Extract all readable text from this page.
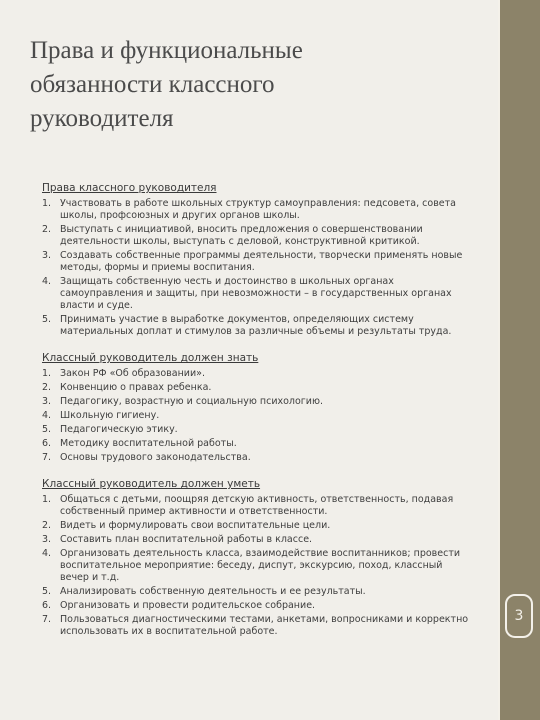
Права и функциональные
обязанности классного
руководителя
Права классного руководителя
1. Участвовать в работе школьных структур самоуправления: педсовета, совета школы, профсоюзных и других органов школы.
2. Выступать с инициативой, вносить предложения о совершенствовании деятельности школы, выступать с деловой, конструктивной критикой.
3. Создавать собственные программы деятельности, творчески применять новые методы, формы и приемы воспитания.
4. Защищать собственную честь и достоинство в школьных органах самоуправления и защиты, при невозможности – в государственных органах власти и суде.
5. Принимать участие в выработке документов, определяющих систему материальных доплат и стимулов за различные объемы и результаты труда.
Классный руководитель должен знать
1. Закон РФ «Об образовании».
2. Конвенцию о правах ребенка.
3. Педагогику, возрастную и социальную психологию.
4. Школьную гигиену.
5. Педагогическую этику.
6. Методику воспитательной работы.
7. Основы трудового законодательства.
Классный руководитель должен уметь
1. Общаться с детьми, поощряя детскую активность, ответственность, подавая собственный пример активности и ответственности.
2. Видеть и формулировать свои воспитательные цели.
3. Составить план воспитательной работы в классе.
4. Организовать деятельность класса, взаимодействие воспитанников; провести воспитательное мероприятие: беседу, диспут, экскурсию, поход, классный вечер и т.д.
5. Анализировать собственную деятельность и ее результаты.
6. Организовать и провести родительское собрание.
7. Пользоваться диагностическими тестами, анкетами, вопросниками и корректно использовать их в воспитательной работе.
3
